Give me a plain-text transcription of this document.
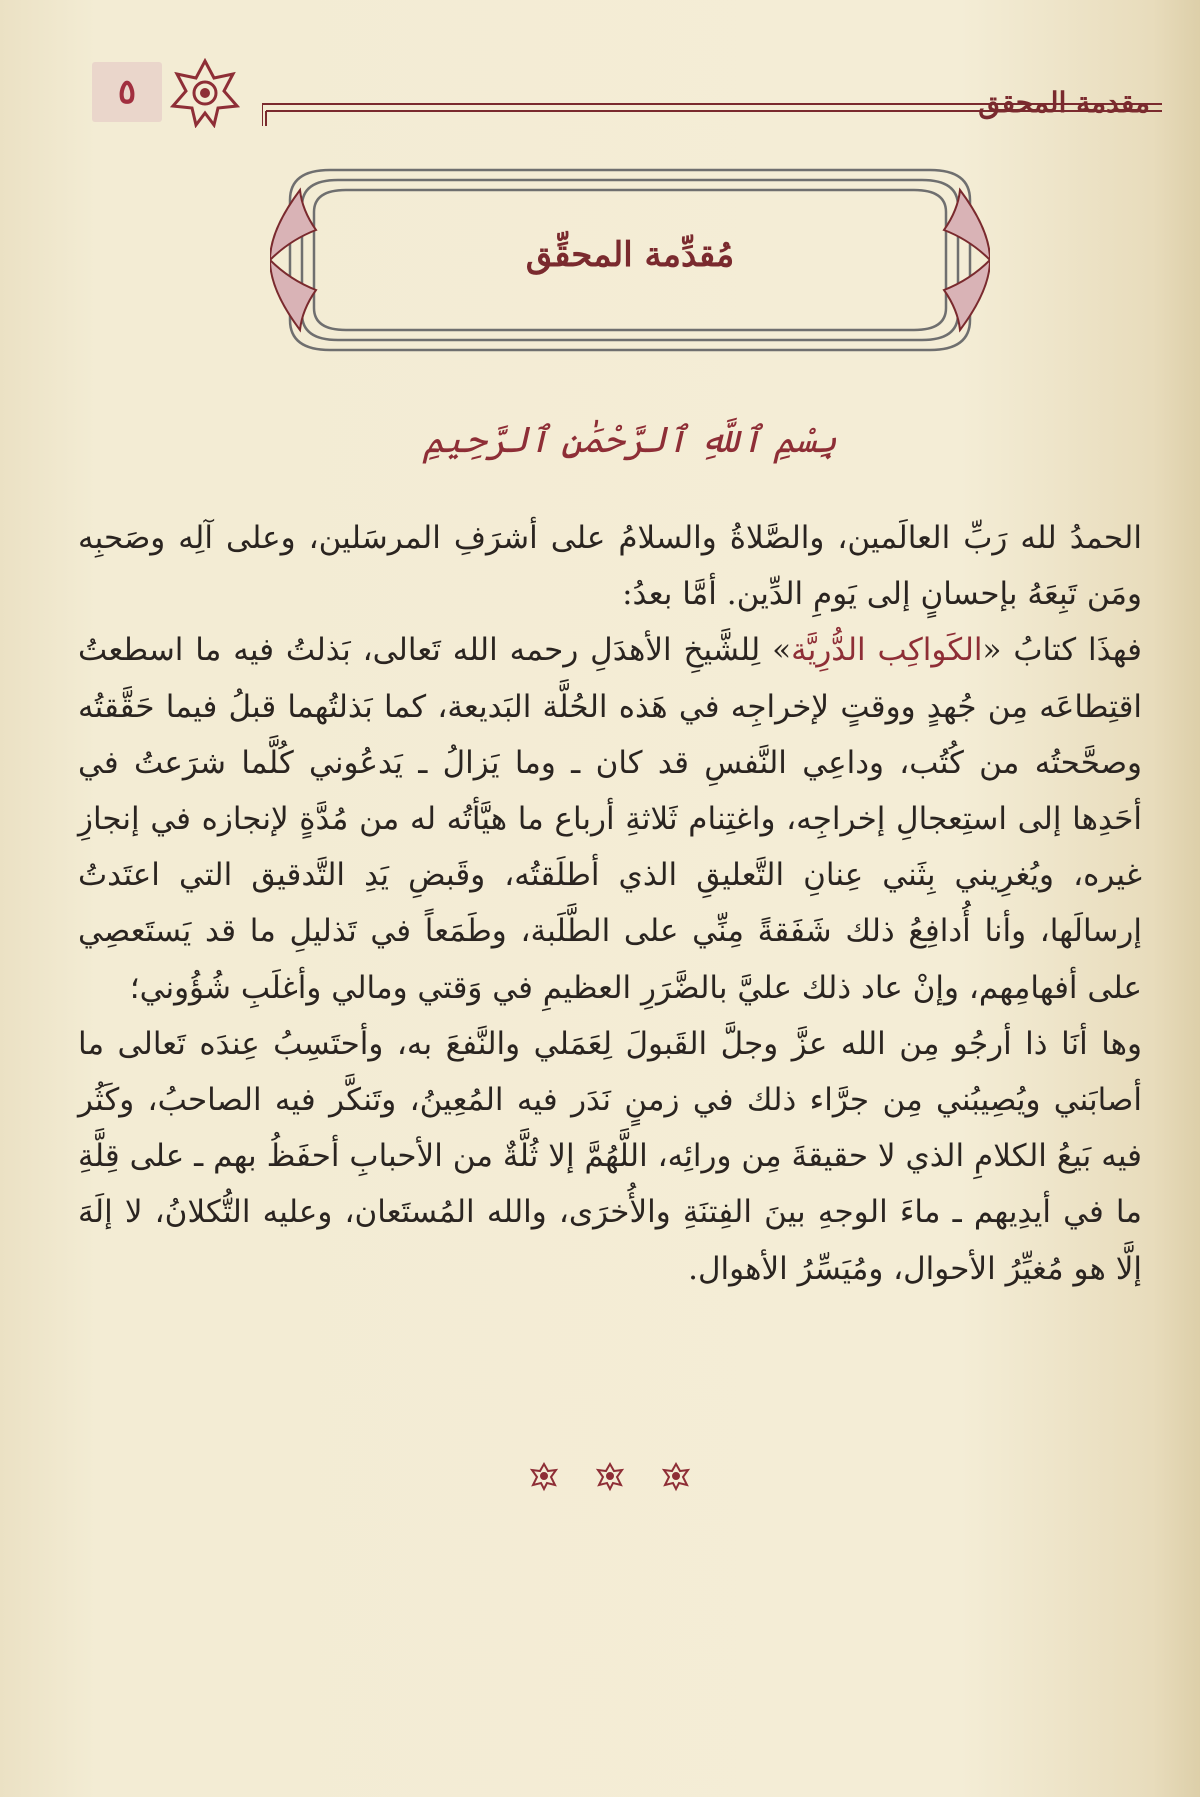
٥	مقدمة المحقق
مُقدِّمة المحقِّق
بِسْمِ ٱللَّهِ ٱلرَّحْمَٰنِ ٱلرَّحِيمِ

الحمدُ لله رَبِّ العالَمين، والصَّلاةُ والسلامُ على أشرَفِ المرسَلين، وعلى آلِه وصَحبِه ومَن تَبِعَهُ بإحسانٍ إلى يَومِ الدِّين. أمَّا بعدُ:

فهذَا كتابُ «الكَواكِب الدُّرِيَّة» لِلشَّيخِ الأهدَلِ رحمه الله تَعالى، بَذلتُ فيه ما اسطعتُ اقتِطاعَه مِن جُهدٍ ووقتٍ لإخراجِه في هَذه الحُلَّة البَديعة، كما بَذلتُهما قبلُ فيما حَقَّقتُه وصحَّحتُه من كُتُب، وداعِي النَّفسِ قد كان ـ وما يَزالُ ـ يَدعُوني كُلَّما شرَعتُ في أحَدِها إلى استِعجالِ إخراجِه، واغتِنام ثَلاثةِ أرباع ما هيَّأتُه له من مُدَّةٍ لإنجازه في إنجازِ غيره، ويُغرِيني بِثَني عِنانِ التَّعليقِ الذي أطلَقتُه، وقَبضِ يَدِ التَّدقيق التي اعتَدتُ إرسالَها، وأنا أُدافِعُ ذلك شَفَقةً مِنِّي على الطَّلَبة، وطَمَعاً في تَذليلِ ما قد يَستَعصِي على أفهامِهم، وإنْ عاد ذلك عليَّ بالضَّرَرِ العظيمِ في وَقتي ومالي وأغلَبِ شُؤُوني؛

وها أنَا ذا أرجُو مِن الله عزَّ وجلَّ القَبولَ لِعَمَلي والنَّفعَ به، وأحتَسِبُ عِندَه تَعالى ما أصابَني ويُصِيبُني مِن جرَّاء ذلك في زمنٍ نَدَر فيه المُعِينُ، وتَنكَّر فيه الصاحبُ، وكَثُر فيه بَيعُ الكلامِ الذي لا حقيقةَ مِن ورائِه، اللَّهُمَّ إلا ثُلَّةٌ من الأحبابِ أحفَظُ بهم ـ على قِلَّةِ ما في أيدِيهم ـ ماءَ الوجهِ بينَ الفِتنَةِ والأُخرَى، والله المُستَعان، وعليه التُّكلانُ، لا إلَهَ إلَّا هو مُغيِّرُ الأحوال، ومُيَسِّرُ الأهوال.
